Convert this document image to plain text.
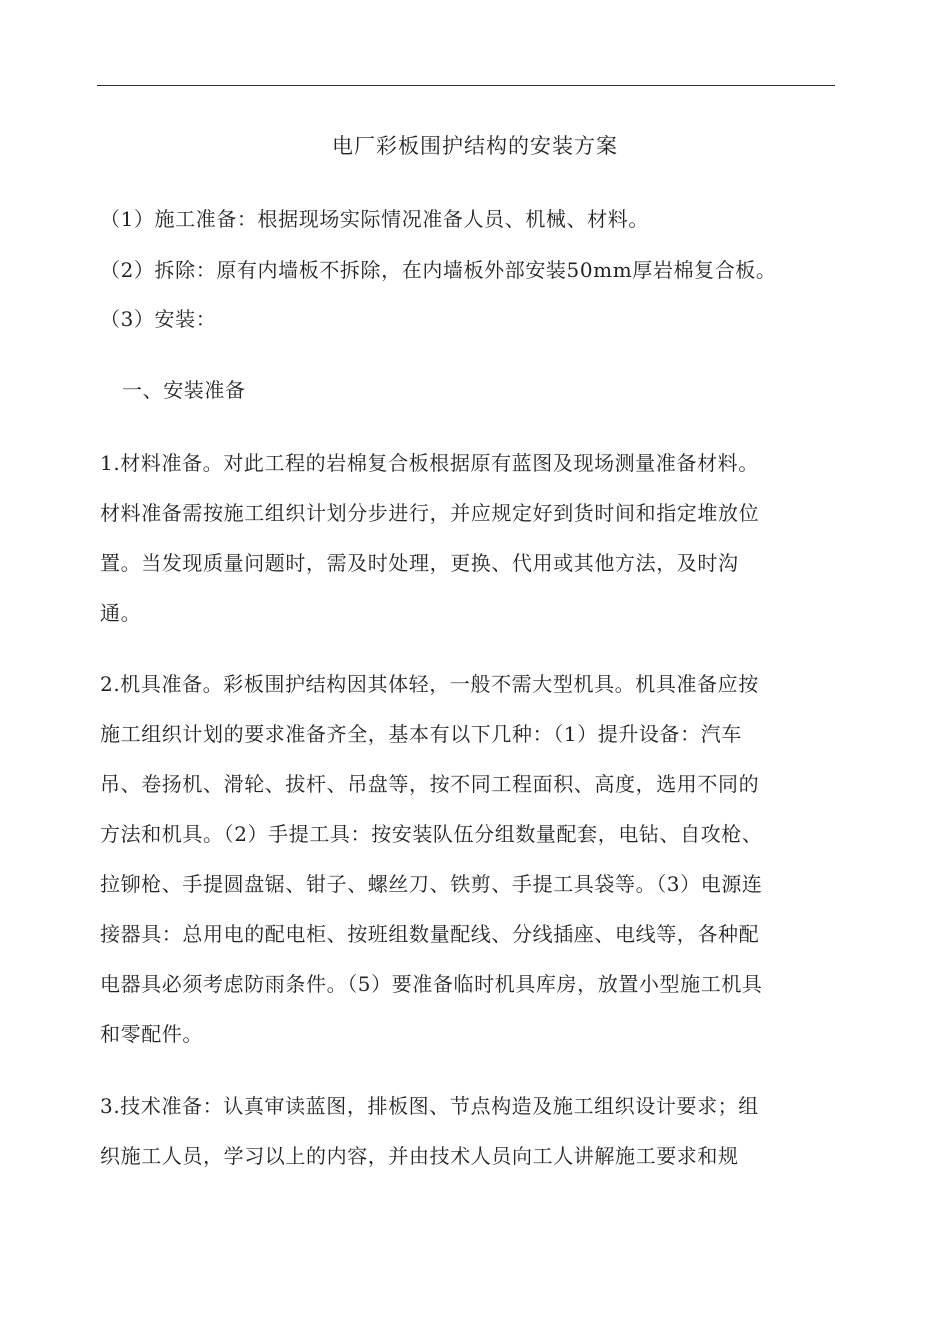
电厂彩板围护结构的安装方案
（1）施工准备：根据现场实际情况准备人员、机械、材料。
（2）拆除：原有内墙板不拆除，在内墙板外部安装50mm厚岩棉复合板。
（3）安装：
一、安装准备
1.材料准备。对此工程的岩棉复合板根据原有蓝图及现场测量准备材料。
材料准备需按施工组织计划分步进行，并应规定好到货时间和指定堆放位
置。当发现质量问题时，需及时处理，更换、代用或其他方法，及时沟
通。
2.机具准备。彩板围护结构因其体轻，一般不需大型机具。机具准备应按
施工组织计划的要求准备齐全，基本有以下几种：（1）提升设备：汽车
吊、卷扬机、滑轮、拔杆、吊盘等，按不同工程面积、高度，选用不同的
方法和机具。（2）手提工具：按安装队伍分组数量配套，电钻、自攻枪、
拉铆枪、手提圆盘锯、钳子、螺丝刀、铁剪、手提工具袋等。（3）电源连
接器具：总用电的配电柜、按班组数量配线、分线插座、电线等，各种配
电器具必须考虑防雨条件。（5）要准备临时机具库房，放置小型施工机具
和零配件。
3.技术准备：认真审读蓝图，排板图、节点构造及施工组织设计要求；组
织施工人员，学习以上的内容，并由技术人员向工人讲解施工要求和规
